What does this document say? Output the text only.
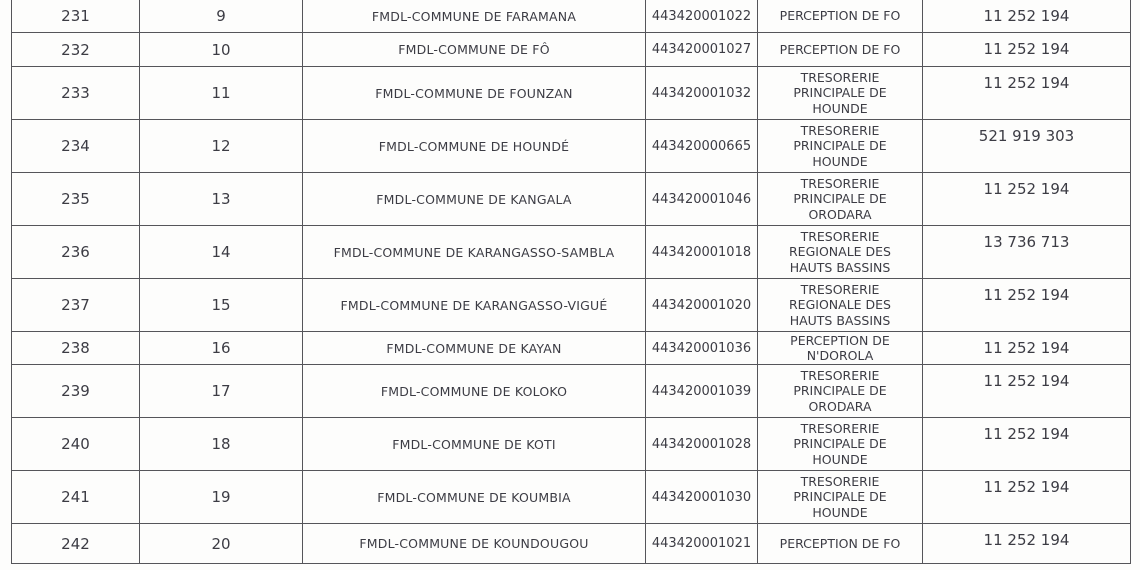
231	9	FMDL-COMMUNE DE FARAMANA	443420001022	PERCEPTION DE FO	11 252 194
232	10	FMDL-COMMUNE DE FÔ	443420001027	PERCEPTION DE FO	11 252 194
233	11	FMDL-COMMUNE DE FOUNZAN	443420001032	TRESORERIE
PRINCIPALE DE
HOUNDE	11 252 194
234	12	FMDL-COMMUNE DE HOUNDÉ	443420000665	TRESORERIE
PRINCIPALE DE
HOUNDE	521 919 303
235	13	FMDL-COMMUNE DE KANGALA	443420001046	TRESORERIE
PRINCIPALE DE
ORODARA	11 252 194
236	14	FMDL-COMMUNE DE KARANGASSO-SAMBLA	443420001018	TRESORERIE
REGIONALE DES
HAUTS BASSINS	13 736 713
237	15	FMDL-COMMUNE DE KARANGASSO-VIGUÉ	443420001020	TRESORERIE
REGIONALE DES
HAUTS BASSINS	11 252 194
238	16	FMDL-COMMUNE DE KAYAN	443420001036	PERCEPTION DE
N'DOROLA	11 252 194
239	17	FMDL-COMMUNE DE KOLOKO	443420001039	TRESORERIE
PRINCIPALE DE
ORODARA	11 252 194
240	18	FMDL-COMMUNE DE KOTI	443420001028	TRESORERIE
PRINCIPALE DE
HOUNDE	11 252 194
241	19	FMDL-COMMUNE DE KOUMBIA	443420001030	TRESORERIE
PRINCIPALE DE
HOUNDE	11 252 194
242	20	FMDL-COMMUNE DE KOUNDOUGOU	443420001021	PERCEPTION DE FO	11 252 194
